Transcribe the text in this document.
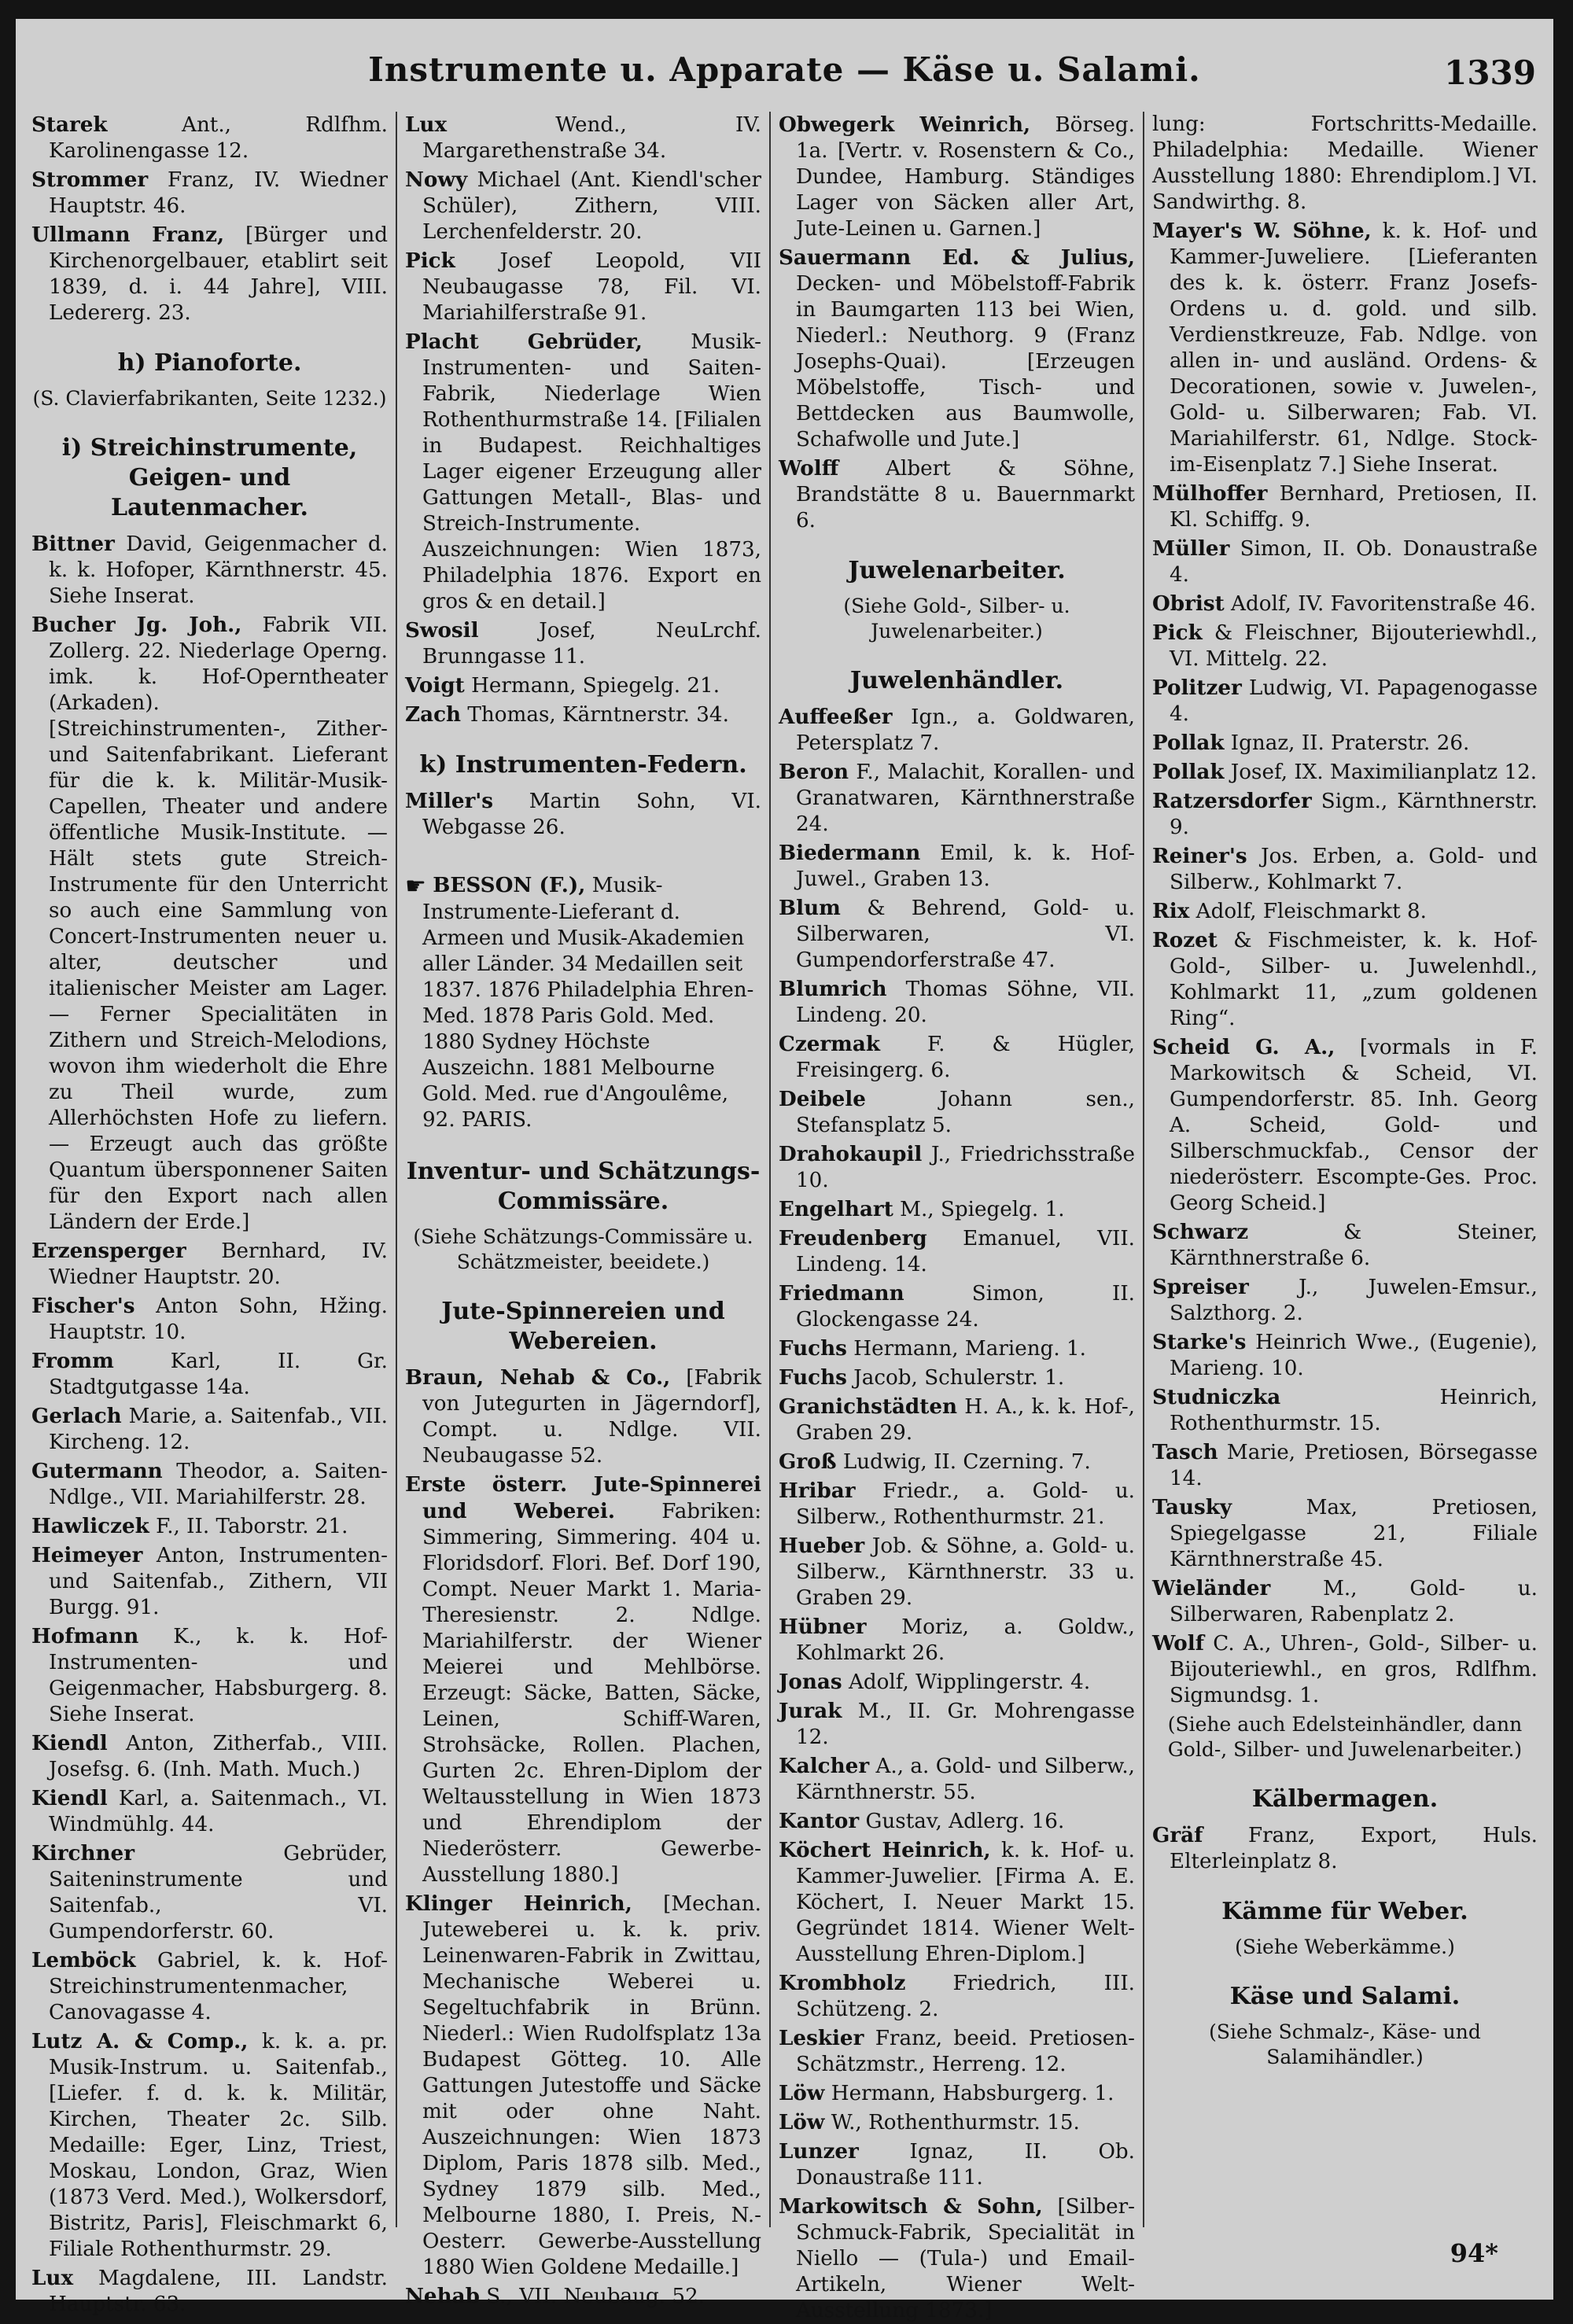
Instrumente u. Apparate — Käse u. Salami.	1339
Starek	Ant., Rdlfhm. Karolinengasse 12.
Strommer Franz, IV. Wiedner Hauptstr. 46.
Ullmann Franz, [Bürger und Kirchenorgelbauer, etablirt seit 1839, d. i. 44 Jahre], VIII. Ledererg. 23.
h) Pianoforte.
(S. Clavierfabrikanten, Seite 1232.)
i) Streichinstrumente, Geigen- und Lautenmacher.
Bittner David, Geigenmacher d. k. k. Hofoper, Kärnthnerstr. 45. Siehe Inserat.
Bucher Jg. Joh., Fabrik VII. Zollerg. 22. Niederlage Operng. imk. k. Hof-Operntheater (Arkaden). [Streichinstrumenten-, Zither- und Saitenfabrikant. Lieferant für die k. k. Militär-Musik-Capellen, Theater und andere öffentliche Musik-Institute. — Hält stets gute Streich-Instrumente für den Unterricht so auch eine Sammlung von Concert-Instrumenten neuer u. alter, deutscher und italienischer Meister am Lager. — Ferner Specialitäten in Zithern und Streich-Melodions, wovon ihm wiederholt die Ehre zu Theil wurde, zum Allerhöchsten Hofe zu liefern. — Erzeugt auch das größte Quantum übersponnener Saiten für den Export nach allen Ländern der Erde.]
Erzensperger Bernhard, IV. Wiedner Hauptstr. 20.
Fischer's Anton Sohn, Hžing. Hauptstr. 10.
Fromm	Karl, II. Gr. Stadtgutgasse 14a.
Gerlach Marie, a. Saitenfab., VII. Kircheng. 12.
Gutermann Theodor, a. Saiten-Ndlge., VII. Mariahilferstr. 28.
Hawliczek F., II. Taborstr. 21.
Heimeyer Anton, Instrumenten- und Saitenfab., Zithern, VII Burgg. 91.
Hofmann K., k. k. Hof-Instrumenten- und Geigenmacher, Habsburgerg. 8. Siehe Inserat.
Kiendl Anton, Zitherfab., VIII. Josefsg. 6. (Inh. Math. Much.)
Kiendl Karl, a. Saitenmach., VI. Windmühlg. 44.
Kirchner	Gebrüder, Saiteninstrumente und Saitenfab., VI. Gumpendorferstr. 60.
Lemböck Gabriel, k. k. Hof-Streichinstrumentenmacher, Canovagasse 4.
Lutz A. & Comp., k. k. a. pr. Musik-Instrum. u. Saitenfab., [Liefer. f. d. k. k. Militär, Kirchen, Theater 2c. Silb. Medaille: Eger, Linz, Triest, Moskau, London, Graz, Wien (1873 Verd. Med.), Wolkersdorf, Bistritz, Paris], Fleischmarkt 6, Filiale Rothenthurmstr. 29.
Lux Magdalene, III. Landstr. Hauptstr. 63.
Lux	Wend., IV. Margarethenstraße 34.
Nowy Michael (Ant. Kiendl'scher Schüler), Zithern, VIII. Lerchenfelderstr. 20.
Pick Josef Leopold, VII Neubaugasse 78, Fil. VI. Mariahilferstraße 91.
Placht Gebrüder, Musik-Instrumenten- und Saiten-Fabrik, Niederlage Wien Rothenthurmstraße 14. [Filialen in Budapest. Reichhaltiges Lager eigener Erzeugung aller Gattungen Metall-, Blas- und Streich-Instrumente. Auszeichnungen: Wien 1873, Philadelphia 1876. Export en gros & en detail.]
Swosil	Josef, NeuLrchf. Brunngasse 11.
Voigt Hermann, Spiegelg. 21.
Zach Thomas, Kärntnerstr. 34.
k) Instrumenten-Federn.
Miller's Martin Sohn, VI. Webgasse 26.
☛ BESSON (F.), Musik-Instrumente-Lieferant d. Armeen und Musik-Akademien aller Länder. 34 Medaillen seit 1837. 1876 Philadelphia Ehren-Med. 1878 Paris Gold. Med. 1880 Sydney Höchste Auszeichn. 1881 Melbourne Gold. Med. rue d'Angoulême, 92. PARIS.
Inventur- und Schätzungs-Commissäre.
(Siehe Schätzungs-Commissäre u. Schätzmeister, beeidete.)
Jute-Spinnereien und Webereien.
Braun, Nehab & Co., [Fabrik von Jutegurten in Jägerndorf], Compt. u. Ndlge. VII. Neubaugasse 52.
Erste österr. Jute-Spinnerei und Weberei. Fabriken: Simmering, Simmering. 404 u. Floridsdorf. Flori. Bef. Dorf 190, Compt. Neuer Markt 1. Maria-Theresienstr. 2. Ndlge. Mariahilferstr. der Wiener Meierei und Mehlbörse. Erzeugt: Säcke, Batten, Säcke, Leinen, Schiff-Waren, Strohsäcke, Rollen. Plachen, Gurten 2c. Ehren-Diplom der Weltausstellung in Wien 1873 und Ehrendiplom der Niederösterr. Gewerbe-Ausstellung 1880.]
Klinger Heinrich, [Mechan. Juteweberei u. k. k. priv. Leinenwaren-Fabrik in Zwittau, Mechanische Weberei u. Segeltuchfabrik in Brünn. Niederl.: Wien Rudolfsplatz 13a Budapest Götteg. 10. Alle Gattungen Jutestoffe und Säcke mit oder ohne Naht. Auszeichnungen: Wien 1873 Diplom, Paris 1878 silb. Med., Sydney 1879 silb. Med., Melbourne 1880, I. Preis, N.-Oesterr. Gewerbe-Ausstellung 1880 Wien Goldene Medaille.]
Nehab S., VII. Neubaug. 52.
Obwegerk Weinrich, Börseg. 1a. [Vertr. v. Rosenstern & Co., Dundee, Hamburg. Ständiges Lager von Säcken aller Art, Jute-Leinen u. Garnen.]
Sauermann Ed. & Julius, Decken- und Möbelstoff-Fabrik in Baumgarten 113 bei Wien, Niederl.: Neuthorg. 9 (Franz Josephs-Quai). [Erzeugen Möbelstoffe, Tisch- und Bettdecken aus Baumwolle, Schafwolle und Jute.]
Wolff Albert & Söhne, Brandstätte 8 u. Bauernmarkt 6.
Juwelenarbeiter.
(Siehe Gold-, Silber- u. Juwelenarbeiter.)
Juwelenhändler.
Auffeeßer Ign., a. Goldwaren, Petersplatz 7.
Beron F., Malachit, Korallen- und Granatwaren, Kärnthnerstraße 24.
Biedermann Emil, k. k. Hof-Juwel., Graben 13.
Blum & Behrend, Gold- u. Silberwaren, VI. Gumpendorferstraße 47.
Blumrich Thomas Söhne, VII. Lindeng. 20.
Czermak F. & Hügler, Freisingerg. 6.
Deibele	Johann sen., Stefansplatz 5.
Drahokaupil J., Friedrichsstraße 10.
Engelhart M., Spiegelg. 1.
Freudenberg Emanuel, VII. Lindeng. 14.
Friedmann	Simon, II. Glockengasse 24.
Fuchs Hermann, Marieng. 1.
Fuchs Jacob, Schulerstr. 1.
Granichstädten H. A., k. k. Hof-, Graben 29.
Groß Ludwig, II. Czerning. 7.
Hribar Friedr., a. Gold- u. Silberw., Rothenthurmstr. 21.
Hueber Job. & Söhne, a. Gold- u. Silberw., Kärnthnerstr. 33 u. Graben 29.
Hübner Moriz, a. Goldw., Kohlmarkt 26.
Jonas Adolf, Wipplingerstr. 4.
Jurak M., II. Gr. Mohrengasse 12.
Kalcher A., a. Gold- und Silberw., Kärnthnerstr. 55.
Kantor Gustav, Adlerg. 16.
Köchert Heinrich, k. k. Hof- u. Kammer-Juwelier. [Firma A. E. Köchert, I. Neuer Markt 15. Gegründet 1814. Wiener Welt-Ausstellung Ehren-Diplom.]
Krombholz Friedrich, III. Schützeng. 2.
Leskier Franz, beeid. Pretiosen-Schätzmstr., Herreng. 12.
Löw Hermann, Habsburgerg. 1.
Löw W., Rothenthurmstr. 15.
Lunzer Ignaz, II. Ob. Donaustraße 111.
Markowitsch & Sohn, [Silber-Schmuck-Fabrik, Specialität in Niello — (Tula-) und Email-Artikeln, Wiener Welt-Ausstellung 1873.]
lung: Fortschritts-Medaille. Philadelphia: Medaille. Wiener Ausstellung 1880: Ehrendiplom.] VI. Sandwirthg. 8.
Mayer's W. Söhne, k. k. Hof- und Kammer-Juweliere. [Lieferanten des k. k. österr. Franz Josefs-Ordens u. d. gold. und silb. Verdienstkreuze, Fab. Ndlge. von allen in- und ausländ. Ordens- & Decorationen, sowie v. Juwelen-, Gold- u. Silberwaren; Fab. VI. Mariahilferstr. 61, Ndlge. Stock-im-Eisenplatz 7.] Siehe Inserat.
Mülhoffer Bernhard, Pretiosen, II. Kl. Schiffg. 9.
Müller Simon, II. Ob. Donaustraße 4.
Obrist Adolf, IV. Favoritenstraße 46.
Pick & Fleischner, Bijouteriewhdl., VI. Mittelg. 22.
Politzer Ludwig, VI. Papagenogasse 4.
Pollak Ignaz, II. Praterstr. 26.
Pollak Josef, IX. Maximilianplatz 12.
Ratzersdorfer Sigm., Kärnthnerstr. 9.
Reiner's Jos. Erben, a. Gold- und Silberw., Kohlmarkt 7.
Rix Adolf, Fleischmarkt 8.
Rozet & Fischmeister, k. k. Hof-Gold-, Silber- u. Juwelenhdl., Kohlmarkt 11, „zum goldenen Ring“.
Scheid G. A., [vormals in F. Markowitsch & Scheid, VI. Gumpendorferstr. 85. Inh. Georg A. Scheid, Gold- und Silberschmuckfab., Censor der niederösterr. Escompte-Ges. Proc. Georg Scheid.]
Schwarz	& Steiner, Kärnthnerstraße 6.
Spreiser J., Juwelen-Emsur., Salzthorg. 2.
Starke's Heinrich Wwe., (Eugenie), Marieng. 10.
Studniczka	Heinrich, Rothenthurmstr. 15.
Tasch Marie, Pretiosen, Börsegasse 14.
Tausky	Max, Pretiosen, Spiegelgasse 21, Filiale Kärnthnerstraße 45.
Wieländer	M., Gold- u. Silberwaren, Rabenplatz 2.
Wolf C. A., Uhren-, Gold-, Silber- u. Bijouteriewhl., en gros, Rdlfhm. Sigmundsg. 1.
(Siehe auch Edelsteinhändler, dann Gold-, Silber- und Juwelenarbeiter.)
Kälbermagen.
Gräf Franz, Export, Huls. Elterleinplatz 8.
Kämme für Weber.
(Siehe Weberkämme.)
Käse und Salami.
(Siehe Schmalz-, Käse- und Salamihändler.)
94*
